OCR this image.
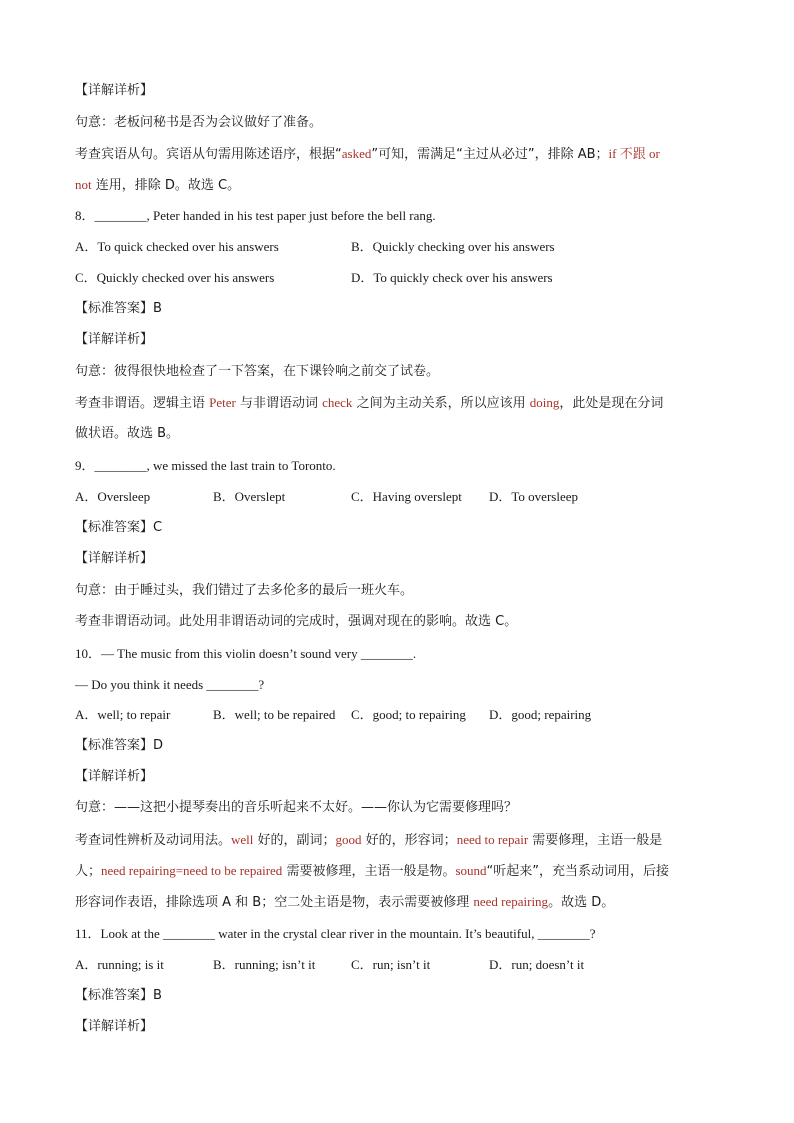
【详解详析】
句意：老板问秘书是否为会议做好了准备。
考查宾语从句。宾语从句需用陈述语序，根据“asked”可知，需满足“主过从必过”，排除 AB；if 不跟 or
not 连用，排除 D。故选 C。
8．________, Peter handed in his test paper just before the bell rang.
A．To quick checked over his answers	B．Quickly checking over his answers
C．Quickly checked over his answers	D．To quickly check over his answers
【标准答案】B
【详解详析】
句意：彼得很快地检查了一下答案，在下课铃响之前交了试卷。
考查非谓语。逻辑主语 Peter 与非谓语动词 check 之间为主动关系，所以应该用 doing，此处是现在分词
做状语。故选 B。
9．________, we missed the last train to Toronto.
A．Oversleep	B．Overslept	C．Having overslept D．To oversleep
【标准答案】C
【详解详析】
句意：由于睡过头，我们错过了去多伦多的最后一班火车。
考查非谓语动词。此处用非谓语动词的完成时，强调对现在的影响。故选 C。
10．— The music from this violin doesn’t sound very ________.
— Do you think it needs ________?
A．well; to repair	B．well; to be repaired C．good; to repairing D．good; repairing
【标准答案】D
【详解详析】
句意：——这把小提琴奏出的音乐听起来不太好。——你认为它需要修理吗？
考查词性辨析及动词用法。well 好的，副词；good 好的，形容词；need to repair 需要修理，主语一般是
人；need repairing=need to be repaired 需要被修理，主语一般是物。sound“听起来”，充当系动词用，后接
形容词作表语，排除选项 A 和 B；空二处主语是物，表示需要被修理 need repairing。故选 D。
11．Look at the ________ water in the crystal clear river in the mountain. It’s beautiful, ________?
A．running; is it	B．running; isn’t it	C．run; isn’t it	D．run; doesn’t it
【标准答案】B
【详解详析】
